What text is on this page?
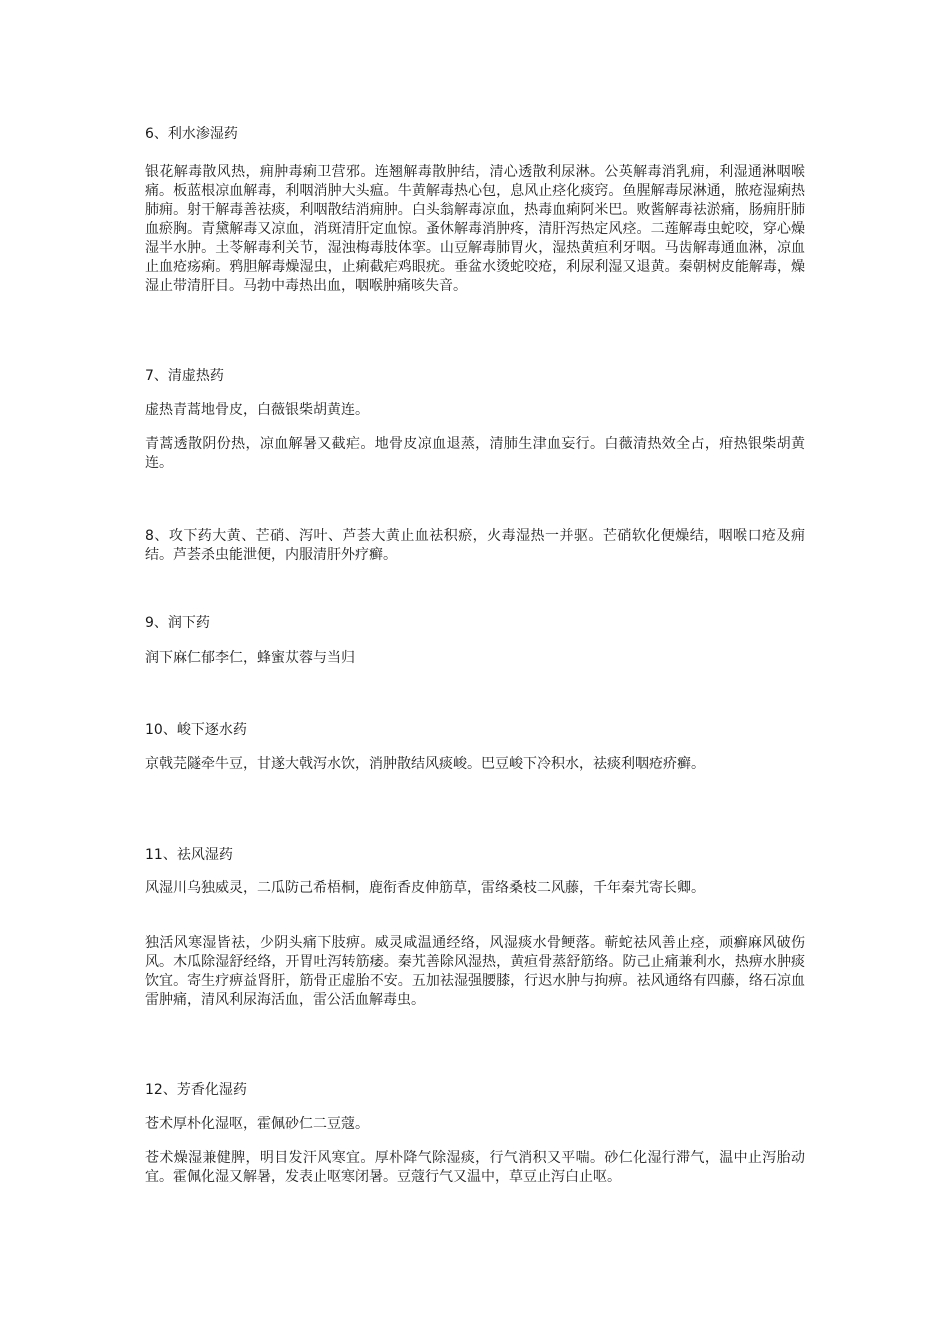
6、利水渗湿药

银花解毒散风热，痈肿毒痢卫营邪。连翘解毒散肿结，清心透散利尿淋。公英解毒消乳痈，利湿通淋咽喉痛。板蓝根凉血解毒，利咽消肿大头瘟。牛黄解毒热心包，息风止痉化痰窍。鱼腥解毒尿淋通，脓疮湿痢热肺痈。射干解毒善祛痰，利咽散结消痈肿。白头翁解毒凉血，热毒血痢阿米巴。败酱解毒祛淤痛，肠痈肝肺血瘀胸。青黛解毒又凉血，消斑清肝定血惊。蚤休解毒消肿疼，清肝泻热定风痉。二莲解毒虫蛇咬，穿心燥湿半水肿。土苓解毒利关节，湿浊梅毒肢体挛。山豆解毒肺胃火，湿热黄疸利牙咽。马齿解毒通血淋，凉血止血疮疡痢。鸦胆解毒燥湿虫，止痢截疟鸡眼疣。垂盆水烫蛇咬疮，利尿利湿又退黄。秦朝树皮能解毒，燥湿止带清肝目。马勃中毒热出血，咽喉肿痛咳失音。

7、清虚热药

虚热青蒿地骨皮，白薇银柴胡黄连。

青蒿透散阴份热，凉血解暑又截疟。地骨皮凉血退蒸，清肺生津血妄行。白薇清热效全占，疳热银柴胡黄连。

8、攻下药大黄、芒硝、泻叶、芦荟大黄止血祛积瘀，火毒湿热一并驱。芒硝软化便燥结，咽喉口疮及痈结。芦荟杀虫能泄便，内服清肝外疗癣。

9、润下药

润下麻仁郁李仁，蜂蜜苁蓉与当归

10、峻下逐水药

京戟芫隧牵牛豆，甘遂大戟泻水饮，消肿散结风痰峻。巴豆峻下冷积水，祛痰利咽疮疥癣。

11、祛风湿药

风湿川乌独威灵，二瓜防己希梧桐，鹿衔香皮伸筋草，雷络桑枝二风藤，千年秦艽寄长卿。

独活风寒湿皆祛，少阴头痛下肢痹。威灵咸温通经络，风湿痰水骨鲠落。蕲蛇祛风善止痉，顽癣麻风破伤风。木瓜除湿舒经络，开胃吐泻转筋痿。秦艽善除风湿热，黄疸骨蒸舒筋络。防己止痛兼利水，热痹水肿痰饮宜。寄生疗痹益肾肝，筋骨正虚胎不安。五加祛湿强腰膝，行迟水肿与拘痹。祛风通络有四藤，络石凉血雷肿痛，清风利尿海活血，雷公活血解毒虫。

12、芳香化湿药

苍术厚朴化湿呕，霍佩砂仁二豆蔻。

苍术燥湿兼健脾，明目发汗风寒宜。厚朴降气除湿痰，行气消积又平喘。砂仁化湿行滞气，温中止泻胎动宜。霍佩化湿又解暑，发表止呕寒闭暑。豆蔻行气又温中，草豆止泻白止呕。
